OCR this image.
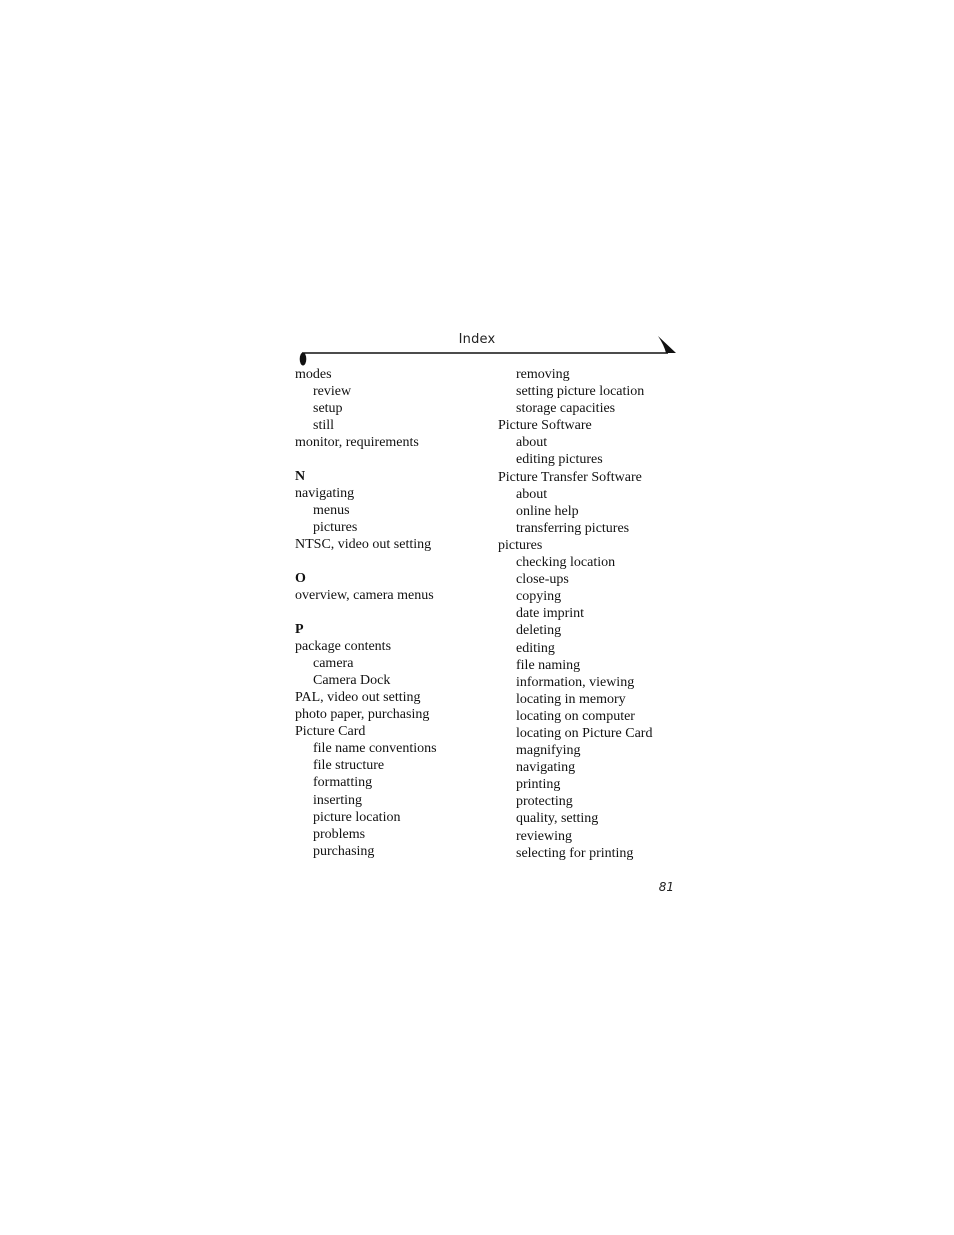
Index
modes
review
setup
still
monitor, requirements
N
navigating
menus
pictures
NTSC, video out setting
O
overview, camera menus
P
package contents
camera
Camera Dock
PAL, video out setting
photo paper, purchasing
Picture Card
file name conventions
file structure
formatting
inserting
picture location
problems
purchasing
removing
setting picture location
storage capacities
Picture Software
about
editing pictures
Picture Transfer Software
about
online help
transferring pictures
pictures
checking location
close-ups
copying
date imprint
deleting
editing
file naming
information, viewing
locating in memory
locating on computer
locating on Picture Card
magnifying
navigating
printing
protecting
quality, setting
reviewing
selecting for printing
81
